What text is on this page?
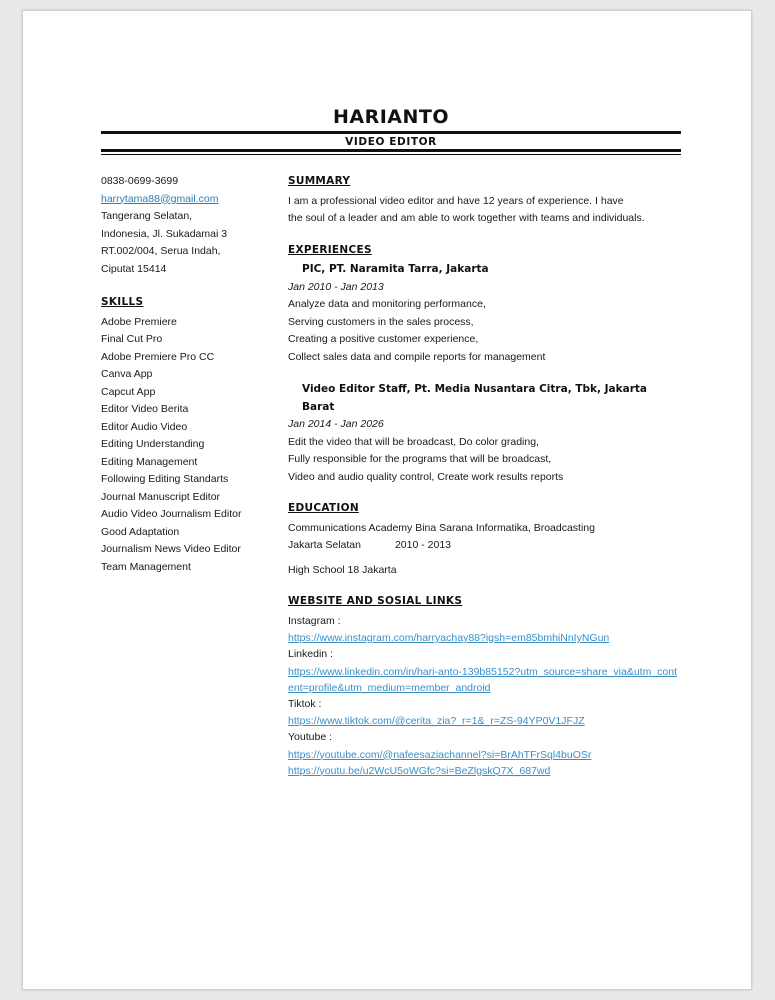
HARIANTO
VIDEO EDITOR
0838-0699-3699
harrytama88@gmail.com
Tangerang Selatan,
Indonesia, Jl. Sukadamai 3
RT.002/004, Serua Indah,
Ciputat 15414
SKILLS
Adobe Premiere
Final Cut Pro
Adobe Premiere Pro CC
Canva App
Capcut App
Editor Video Berita
Editor Audio Video
Editing Understanding
Editing Management
Following Editing Standarts
Journal Manuscript Editor
Audio Video Journalism Editor
Good Adaptation
Journalism News Video Editor
Team Management
SUMMARY
I am a professional video editor and have 12 years of experience. I have
the soul of a leader and am able to work together with teams and individuals.
EXPERIENCES
PIC, PT. Naramita Tarra, Jakarta
Jan 2010 - Jan 2013
Analyze data and monitoring performance,
Serving customers in the sales process,
Creating a positive customer experience,
Collect sales data and compile reports for management
Video Editor Staff, Pt. Media Nusantara Citra, Tbk, Jakarta Barat
Jan 2014 - Jan 2026
Edit the video that will be broadcast, Do color grading,
Fully responsible for the programs that will be broadcast,
Video and audio quality control, Create work results reports
EDUCATION
Communications Academy Bina Sarana Informatika, Broadcasting
Jakarta Selatan	2010 - 2013
High School 18 Jakarta
WEBSITE AND SOSIAL LINKS
Instagram :
https://www.instagram.com/harryachay88?igsh=em85bmhiNnIyNGun
Linkedin :
https://www.linkedin.com/in/hari-anto-139b85152?utm_source=share_via&utm_content=profile&utm_medium=member_android
Tiktok :
https://www.tiktok.com/@cerita_zia?_r=1&_r=ZS-94YP0V1JFJZ
Youtube :
https://youtube.com/@nafeesaziachannel?si=BrAhTFrSql4buOSr
https://youtu.be/u2WcU5oWGfc?si=BeZlgskQ7X_687wd
